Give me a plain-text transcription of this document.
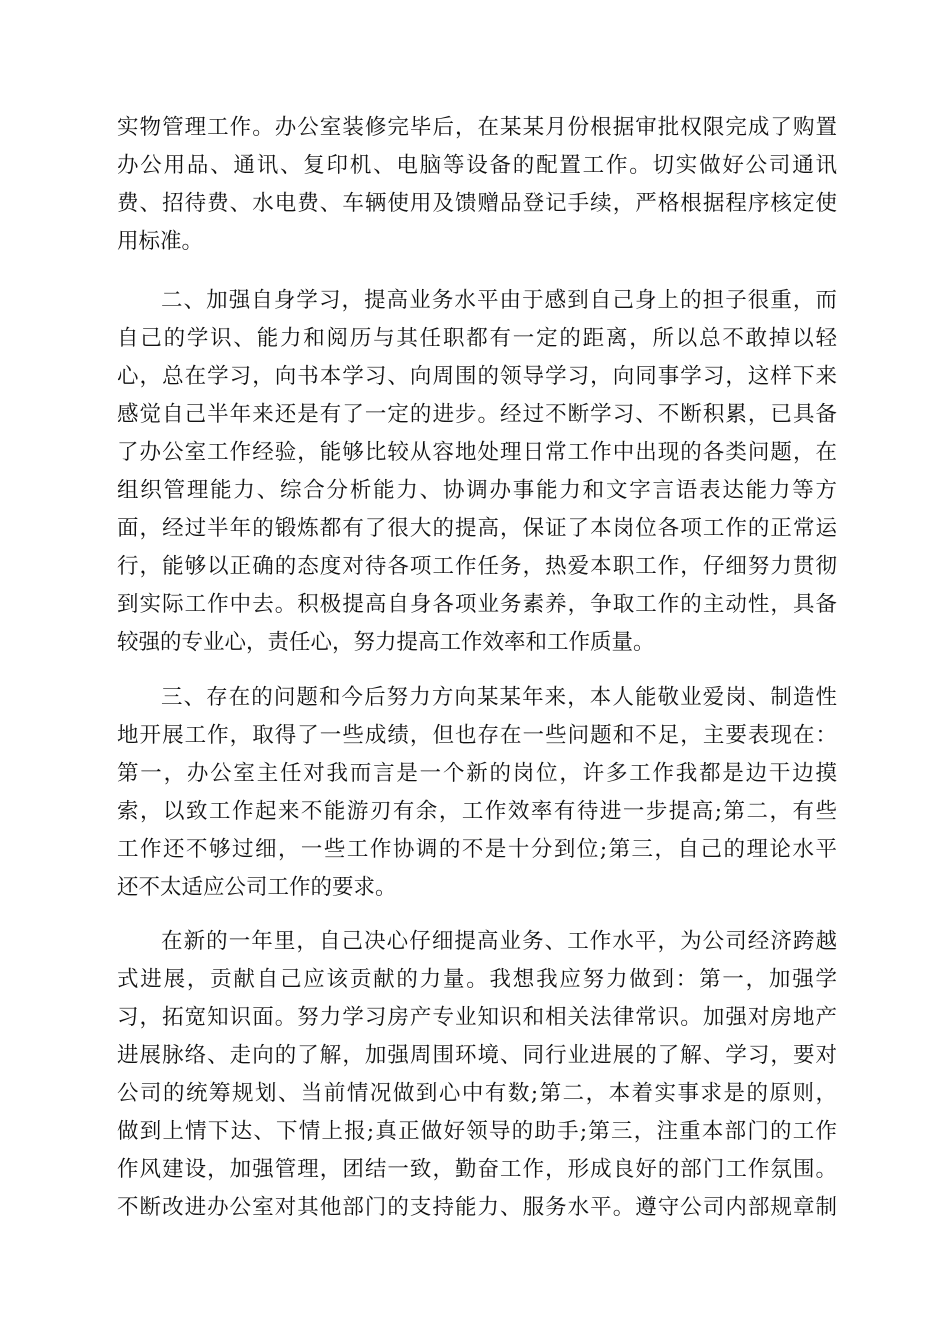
实物管理工作。办公室装修完毕后，在某某月份根据审批权限完成了购置
办公用品、通讯、复印机、电脑等设备的配置工作。切实做好公司通讯
费、招待费、水电费、车辆使用及馈赠品登记手续，严格根据程序核定使
用标准。
二、加强自身学习，提高业务水平由于感到自己身上的担子很重，而
自己的学识、能力和阅历与其任职都有一定的距离，所以总不敢掉以轻
心，总在学习，向书本学习、向周围的领导学习，向同事学习，这样下来
感觉自己半年来还是有了一定的进步。经过不断学习、不断积累，已具备
了办公室工作经验，能够比较从容地处理日常工作中出现的各类问题，在
组织管理能力、综合分析能力、协调办事能力和文字言语表达能力等方
面，经过半年的锻炼都有了很大的提高，保证了本岗位各项工作的正常运
行，能够以正确的态度对待各项工作任务，热爱本职工作，仔细努力贯彻
到实际工作中去。积极提高自身各项业务素养，争取工作的主动性，具备
较强的专业心，责任心，努力提高工作效率和工作质量。
三、存在的问题和今后努力方向某某年来，本人能敬业爱岗、制造性
地开展工作，取得了一些成绩，但也存在一些问题和不足，主要表现在：
第一，办公室主任对我而言是一个新的岗位，许多工作我都是边干边摸
索，以致工作起来不能游刃有余，工作效率有待进一步提高;第二，有些
工作还不够过细，一些工作协调的不是十分到位;第三，自己的理论水平
还不太适应公司工作的要求。
在新的一年里，自己决心仔细提高业务、工作水平，为公司经济跨越
式进展，贡献自己应该贡献的力量。我想我应努力做到：第一，加强学
习，拓宽知识面。努力学习房产专业知识和相关法律常识。加强对房地产
进展脉络、走向的了解，加强周围环境、同行业进展的了解、学习，要对
公司的统筹规划、当前情况做到心中有数;第二，本着实事求是的原则，
做到上情下达、下情上报;真正做好领导的助手;第三，注重本部门的工作
作风建设，加强管理，团结一致，勤奋工作，形成良好的部门工作氛围。
不断改进办公室对其他部门的支持能力、服务水平。遵守公司内部规章制
